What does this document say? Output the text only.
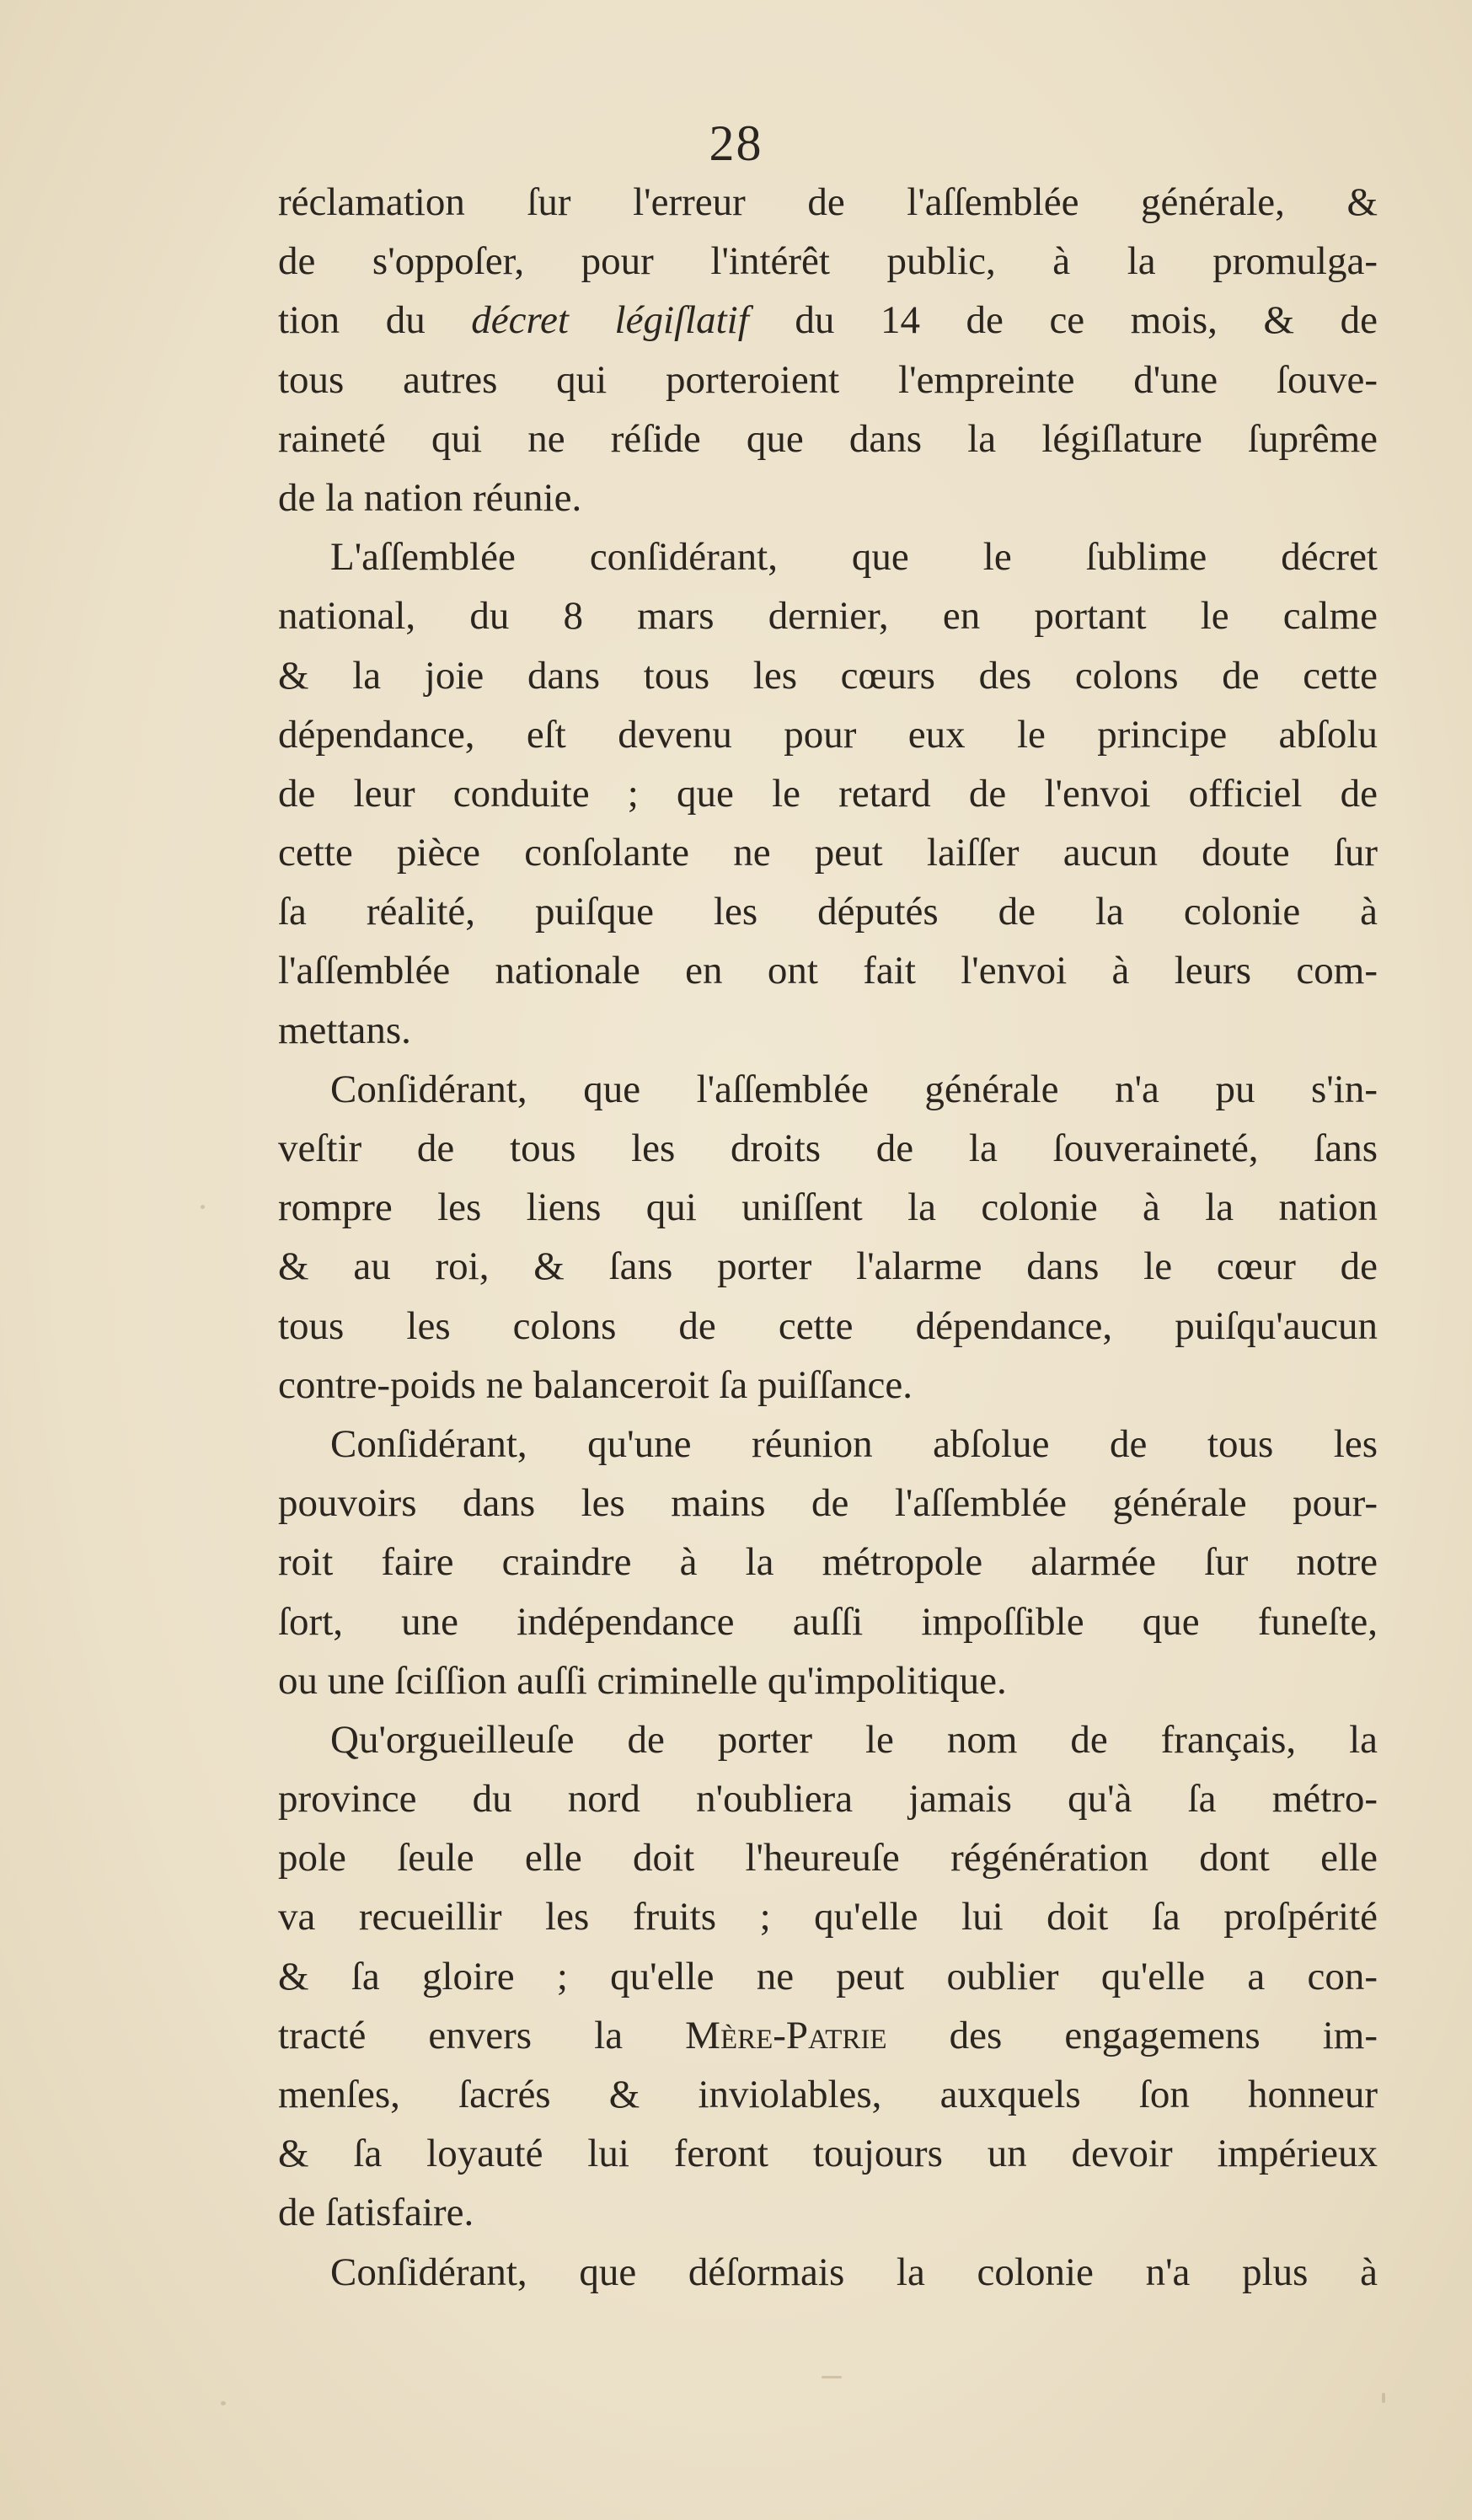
28
réclamation ſur l'erreur de l'aſſemblée générale, &
de s'oppoſer, pour l'intérêt public, à la promulga-
tion du décret légiſlatif du 14 de ce mois, & de
tous autres qui porteroient l'empreinte d'une ſouve-
raineté qui ne réſide que dans la légiſlature ſuprême
de la nation réunie.
L'aſſemblée conſidérant, que le ſublime décret
national, du 8 mars dernier, en portant le calme
& la joie dans tous les cœurs des colons de cette
dépendance, eſt devenu pour eux le principe abſolu
de leur conduite ; que le retard de l'envoi officiel de
cette pièce conſolante ne peut laiſſer aucun doute ſur
ſa réalité, puiſque les députés de la colonie à
l'aſſemblée nationale en ont fait l'envoi à leurs com-
mettans.
Conſidérant, que l'aſſemblée générale n'a pu s'in-
veſtir de tous les droits de la ſouveraineté, ſans
rompre les liens qui uniſſent la colonie à la nation
& au roi, & ſans porter l'alarme dans le cœur de
tous les colons de cette dépendance, puiſqu'aucun
contre-poids ne balanceroit ſa puiſſance.
Conſidérant, qu'une réunion abſolue de tous les
pouvoirs dans les mains de l'aſſemblée générale pour-
roit faire craindre à la métropole alarmée ſur notre
ſort, une indépendance auſſi impoſſible que funeſte,
ou une ſciſſion auſſi criminelle qu'impolitique.
Qu'orgueilleuſe de porter le nom de français, la
province du nord n'oubliera jamais qu'à ſa métro-
pole ſeule elle doit l'heureuſe régénération dont elle
va recueillir les fruits ; qu'elle lui doit ſa proſpérité
& ſa gloire ; qu'elle ne peut oublier qu'elle a con-
tracté envers la Mère-Patrie des engagemens im-
menſes, ſacrés & inviolables, auxquels ſon honneur
& ſa loyauté lui feront toujours un devoir impérieux
de ſatisfaire.
Conſidérant, que déſormais la colonie n'a plus à
